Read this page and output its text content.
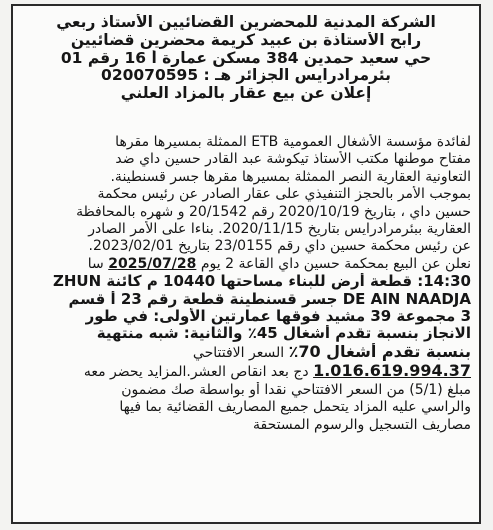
الشركة المدنية للمحضرين القضائيين الأستاذ ربعي
رابح الأستاذة بن عبيد كريمة محضرين قضائيين
حي سعيد حمدين 384 مسكن عمارة أ 16 رقم 01
بئرمرادرايس الجزائر هـ : 020070595
إعلان عن بيع عقار بالمزاد العلني
لفائدة مؤسسة الأشغال العمومية ETB الممثلة بمسيرها مقرها
مفتاح موطنها مكتب الأستاذ تيكوشة عبد القادر حسين داي ضد
التعاونية العقارية النصر الممثلة بمسيرها مقرها جسر قسنطينة.
بموجب الأمر بالحجز التنفيذي على عقار الصادر عن رئيس محكمة
حسين داي ، بتاريخ 2020/10/19 رقم 20/1542 و شهره بالمحافظة
العقارية ببئرمرادرايس بتاريخ 2020/11/15. بناءا على الأمر الصادر
عن رئيس محكمة حسين داي رقم 23/0155 بتاريخ 2023/02/01.
نعلن عن البيع بمحكمة حسين داي القاعة 2 يوم 2025/07/28 سا
14:30: قطعة أرض للبناء مساحتها 10440 م كائنة ZHUN
DE AIN NAADJA جسر قسنطينة قطعة رقم 23 أ قسم
3 مجموعة 39 مشيد فوقها عمارتين الأولى: في طور
الانجاز بنسبة تقدم أشغال 45٪ والثانية: شبه منتهية
بنسبة تقدم أشغال 70٪ السعر الافتتاحي
1.016.619.994.37 دج بعد انقاص العشر.المزايد يحضر معه
مبلغ (5/1) من السعر الافتتاحي نقدا أو بواسطة صك مضمون
والراسي عليه المزاد يتحمل جميع المصاريف القضائية بما فيها
مصاريف التسجيل والرسوم المستحقة
